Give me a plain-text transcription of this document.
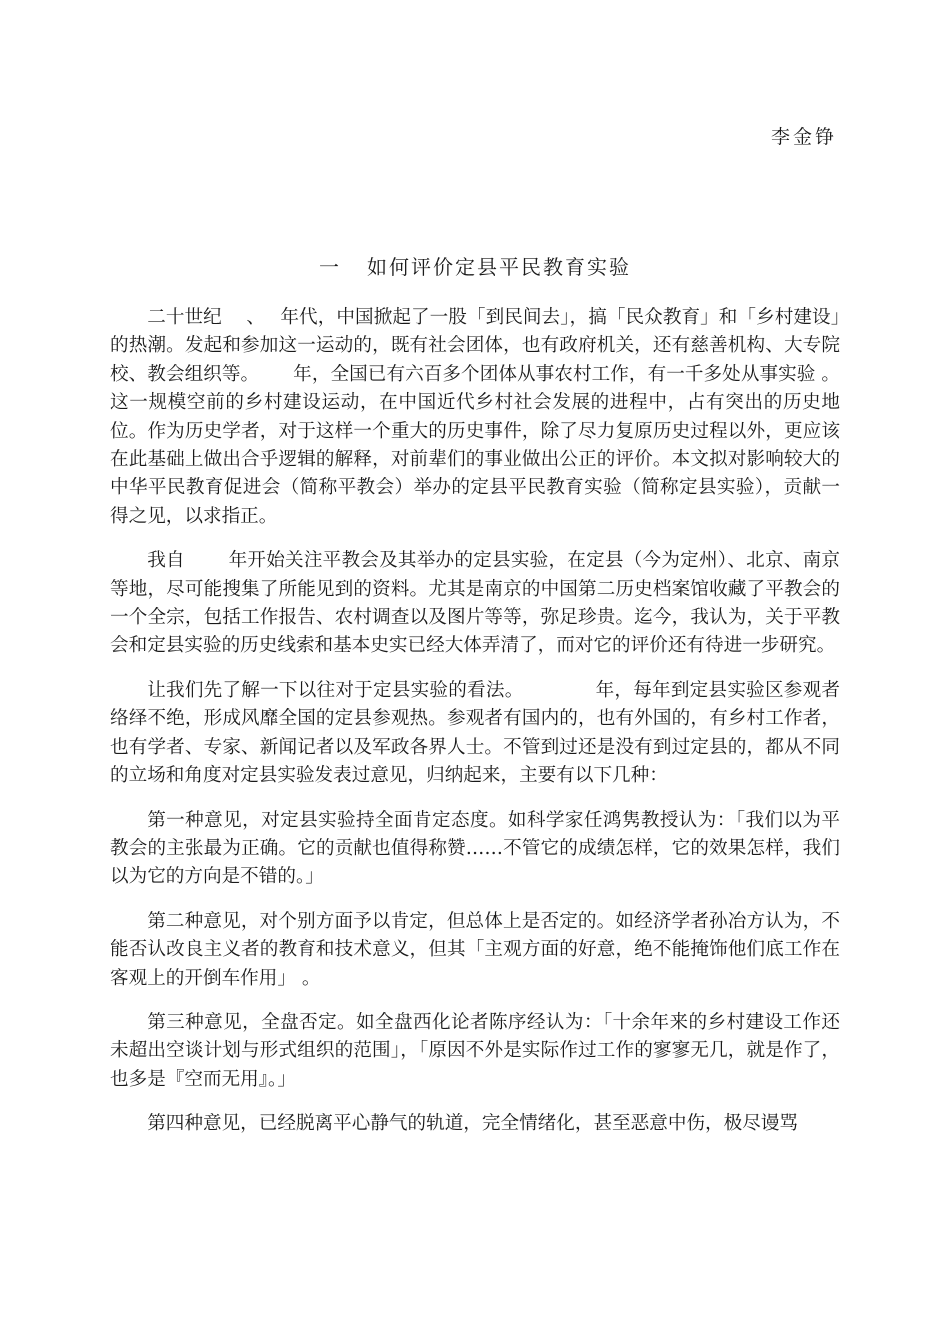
李金铮
一 如何评价定县平民教育实验

二十世纪　 、　 年代，中国掀起了一股「到民间去」，搞「民众教育」和「乡村建设」的热潮。发起和参加这一运动的，既有社会团体，也有政府机关，还有慈善机构、大专院校、教会组织等。　　 年，全国已有六百多个团体从事农村工作，有一千多处从事实验 。这一规模空前的乡村建设运动，在中国近代乡村社会发展的进程中，占有突出的历史地位。作为历史学者，对于这样一个重大的历史事件，除了尽力复原历史过程以外，更应该在此基础上做出合乎逻辑的解释，对前辈们的事业做出公正的评价。本文拟对影响较大的中华平民教育促进会（简称平教会）举办的定县平民教育实验（简称定县实验），贡献一得之见，以求指正。

我自　　 年开始关注平教会及其举办的定县实验，在定县（今为定州）、北京、南京等地，尽可能搜集了所能见到的资料。尤其是南京的中国第二历史档案馆收藏了平教会的一个全宗，包括工作报告、农村调查以及图片等等，弥足珍贵。迄今，我认为，关于平教会和定县实验的历史线索和基本史实已经大体弄清了，而对它的评价还有待进一步研究。

让我们先了解一下以往对于定县实验的看法。　　　　 年，每年到定县实验区参观者络绎不绝，形成风靡全国的定县参观热。参观者有国内的，也有外国的，有乡村工作者，也有学者、专家、新闻记者以及军政各界人士。不管到过还是没有到过定县的，都从不同的立场和角度对定县实验发表过意见，归纳起来，主要有以下几种：

第一种意见，对定县实验持全面肯定态度。如科学家任鸿隽教授认为：「我们以为平教会的主张最为正确。它的贡献也值得称赞……不管它的成绩怎样，它的效果怎样，我们以为它的方向是不错的。」

第二种意见，对个别方面予以肯定，但总体上是否定的。如经济学者孙冶方认为，不能否认改良主义者的教育和技术意义，但其「主观方面的好意，绝不能掩饰他们底工作在客观上的开倒车作用」 。

第三种意见，全盘否定。如全盘西化论者陈序经认为：「十余年来的乡村建设工作还未超出空谈计划与形式组织的范围」，「原因不外是实际作过工作的寥寥无几，就是作了，也多是『空而无用』。」

第四种意见，已经脱离平心静气的轨道，完全情绪化，甚至恶意中伤，极尽谩骂
